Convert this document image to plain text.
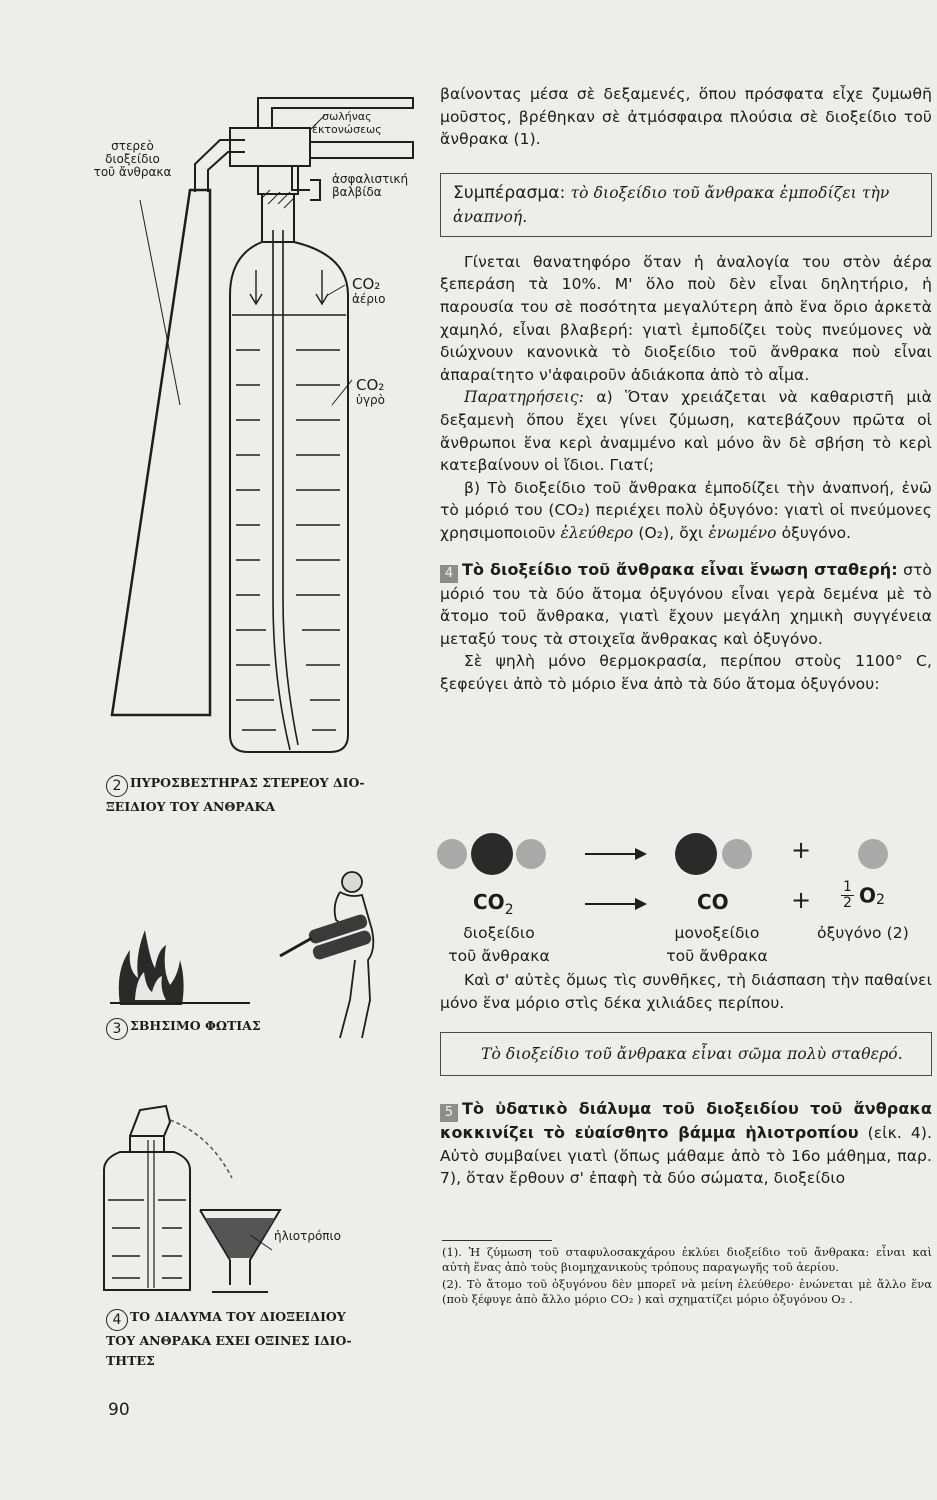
στερεὸ
διοξείδιο
τοῦ ἄνθρακα
σωλήνας
ἐκτονώσεως
ἀσφαλιστική
βαλβίδα
CO₂
ἀέριο
CO₂
ὑγρὸ
2 ΠΥΡΟΣΒΕΣΤΗΡΑΣ ΣΤΕΡΕΟΥ ΔΙΟ-
ΞΕΙΔΙΟΥ ΤΟΥ ΑΝΘΡΑΚΑ
3 ΣΒΗΣΙΜΟ ΦΩΤΙΑΣ
ἡλιοτρόπιο
4 ΤΟ ΔΙΑΛΥΜΑ ΤΟΥ ΔΙΟΞΕΙΔΙΟΥ
ΤΟΥ ΑΝΘΡΑΚΑ ΕΧΕΙ ΟΞΙΝΕΣ ΙΔΙΟ-
ΤΗΤΕΣ
90

βαίνοντας μέσα σὲ δεξαμενές, ὅπου πρόσφατα εἶχε ζυμωθῆ μοῦστος, βρέθηκαν σὲ ἀτμόσφαιρα πλούσια σὲ διοξείδιο τοῦ ἄνθρακα (1).

Συμπέρασμα: τὸ διοξείδιο τοῦ ἄνθρακα ἐμποδίζει τὴν ἀναπνοή.

Γίνεται θανατηφόρο ὅταν ἡ ἀναλογία του στὸν ἀέρα ξεπεράση τὰ 10%. Μ' ὅλο ποὺ δὲν εἶναι δηλητήριο, ἡ παρουσία του σὲ ποσότητα μεγαλύτερη ἀπὸ ἕνα ὅριο ἀρκετὰ χαμηλό, εἶναι βλαβερή: γιατὶ ἐμποδίζει τοὺς πνεύμονες νὰ διώχνουν κανονικὰ τὸ διοξείδιο τοῦ ἄνθρακα ποὺ εἶναι ἀπαραίτητο ν'ἀφαιροῦν ἀδιάκοπα ἀπὸ τὸ αἷμα.

Παρατηρήσεις: α) Ὅταν χρειάζεται νὰ καθαριστῆ μιὰ δεξαμενὴ ὅπου ἔχει γίνει ζύμωση, κατεβάζουν πρῶτα οἱ ἄνθρωποι ἕνα κερὶ ἀναμμένο καὶ μόνο ἂν δὲ σβήση τὸ κερὶ κατεβαίνουν οἱ ἴδιοι. Γιατί;

β) Τὸ διοξείδιο τοῦ ἄνθρακα ἐμποδίζει τὴν ἀναπνοή, ἐνῶ τὸ μόριό του (CO₂) περιέχει πολὺ ὀξυγόνο: γιατὶ οἱ πνεύμονες χρησιμοποιοῦν ἐλεύθερο (O₂), ὄχι ἑνωμένο ὀξυγόνο.

4 Τὸ διοξείδιο τοῦ ἄνθρακα εἶναι ἕνωση σταθερή: στὸ μόριό του τὰ δύο ἄτομα ὀξυγόνου εἶναι γερὰ δεμένα μὲ τὸ ἄτομο τοῦ ἄνθρακα, γιατὶ ἔχουν μεγάλη χημικὴ συγγένεια μεταξύ τους τὰ στοιχεῖα ἄνθρακας καὶ ὀξυγόνο.

Σὲ ψηλὴ μόνο θερμοκρασία, περίπου στοὺς 1100° C, ξεφεύγει ἀπὸ τὸ μόριο ἕνα ἀπὸ τὰ δύο ἄτομα ὀξυγόνου:

+
$CO_2$	CO	+ $\frac{1}{2} O_2$
διοξείδιο
τοῦ ἄνθρακα
μονοξείδιο
τοῦ ἄνθρακα
ὀξυγόνο (2)

Καὶ σ' αὐτὲς ὅμως τὶς συνθῆκες, τὴ διάσπαση τὴν παθαίνει μόνο ἕνα μόριο στὶς δέκα χιλιάδες περίπου.

Τὸ διοξείδιο τοῦ ἄνθρακα εἶναι σῶμα πολὺ σταθερό.

5 Τὸ ὑδατικὸ διάλυμα τοῦ διοξειδίου τοῦ ἄνθρακα κοκκινίζει τὸ εὐαίσθητο βάμμα ἡλιοτροπίου (εἰκ. 4). Αὐτὸ συμβαίνει γιατὶ (ὅπως μάθαμε ἀπὸ τὸ 16ο μάθημα, παρ. 7), ὅταν ἔρθουν σ' ἐπαφὴ τὰ δύο σώματα, διοξείδιο

(1). Ἡ ζύμωση τοῦ σταφυλοσακχάρου ἐκλύει διοξείδιο τοῦ ἄνθρακα: εἶναι καὶ αὐτὴ ἕνας ἀπὸ τοὺς βιομηχανικοὺς τρόπους παραγωγῆς τοῦ ἀερίου.

(2). Τὸ ἄτομο τοῦ ὀξυγόνου δὲν μπορεῖ νὰ μείνη ἐλεύθερο· ἑνώνεται μὲ ἄλλο ἕνα (ποὺ ξέφυγε ἀπὸ ἄλλο μόριο CO₂ ) καὶ σχηματίζει μόριο ὀξυγόνου O₂ .
